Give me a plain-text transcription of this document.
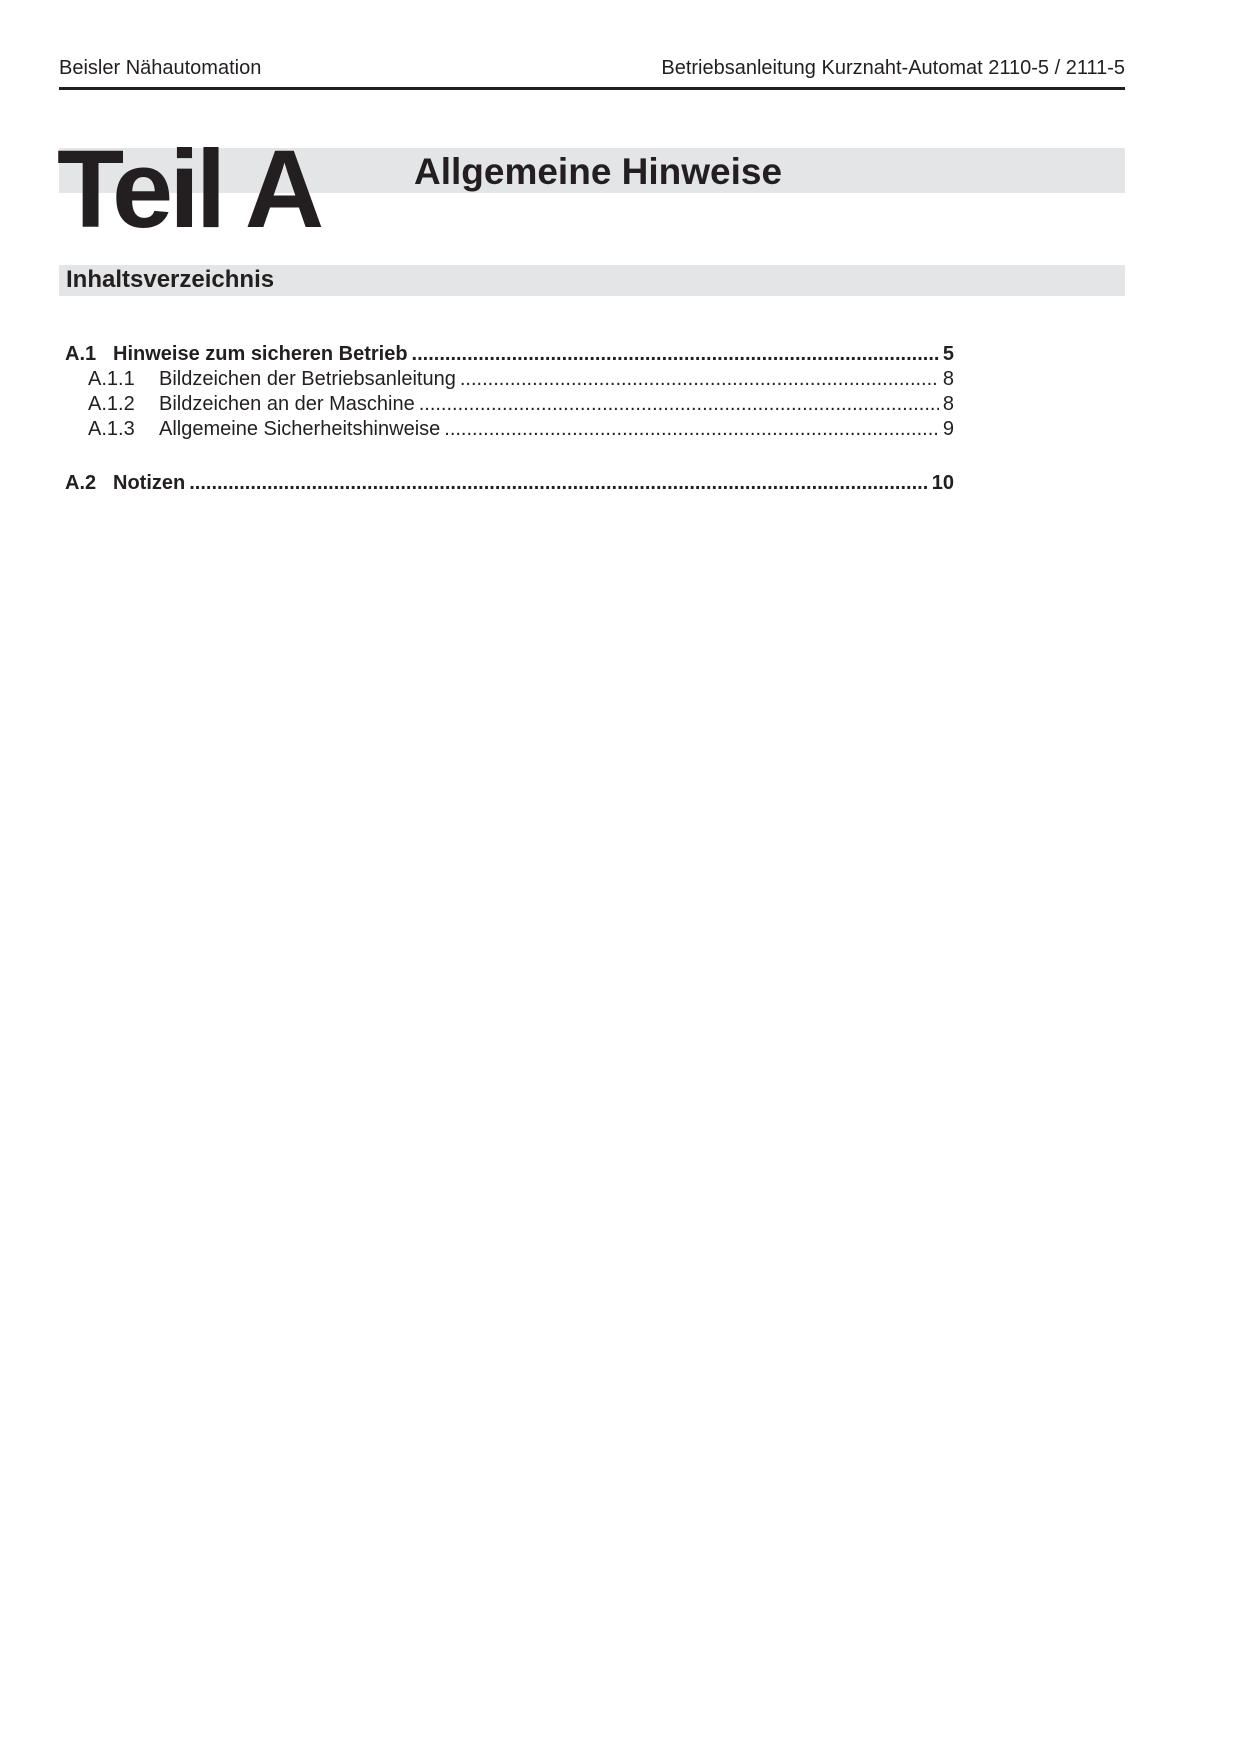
Beisler Nähautomation	Betriebsanleitung Kurznaht-Automat 2110-5 / 2111-5
Teil A	Allgemeine Hinweise
Inhaltsverzeichnis
A.1 Hinweise zum sicheren Betrieb .....	5
A.1.1	Bildzeichen der Betriebsanleitung .....	8
A.1.2	Bildzeichen an der Maschine .....	8
A.1.3	Allgemeine Sicherheitshinweise .....	9
A.2 Notizen .....	10
